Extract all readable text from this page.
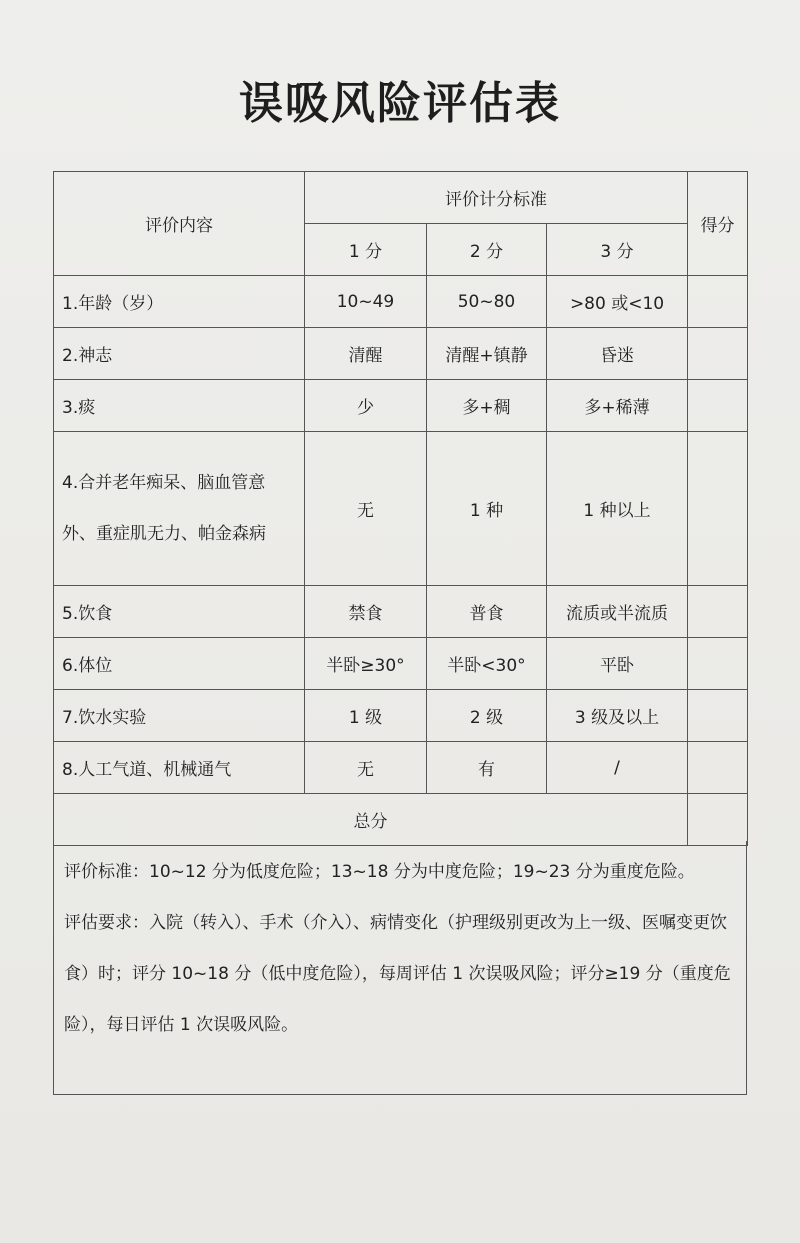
误吸风险评估表
评价内容	评价计分标准			得分
	1 分	2 分	3 分	
1.年龄（岁）	10~49	50~80	>80 或<10	
2.神志	清醒	清醒+镇静	昏迷	
3.痰	少	多+稠	多+稀薄	
4.合并老年痴呆、脑血管意外、重症肌无力、帕金森病	无	1 种	1 种以上	
5.饮食	禁食	普食	流质或半流质	
6.体位	半卧≥30°	半卧<30°	平卧	
7.饮水实验	1 级	2 级	3 级及以上	
8.人工气道、机械通气	无	有	/	
总分				

评价标准：10~12 分为低度危险；13~18 分为中度危险；19~23 分为重度危险。

评估要求：入院（转入）、手术（介入）、病情变化（护理级别更改为上一级、医嘱变更饮食）时；评分 10~18 分（低中度危险），每周评估 1 次误吸风险；评分≥19 分（重度危险），每日评估 1 次误吸风险。
